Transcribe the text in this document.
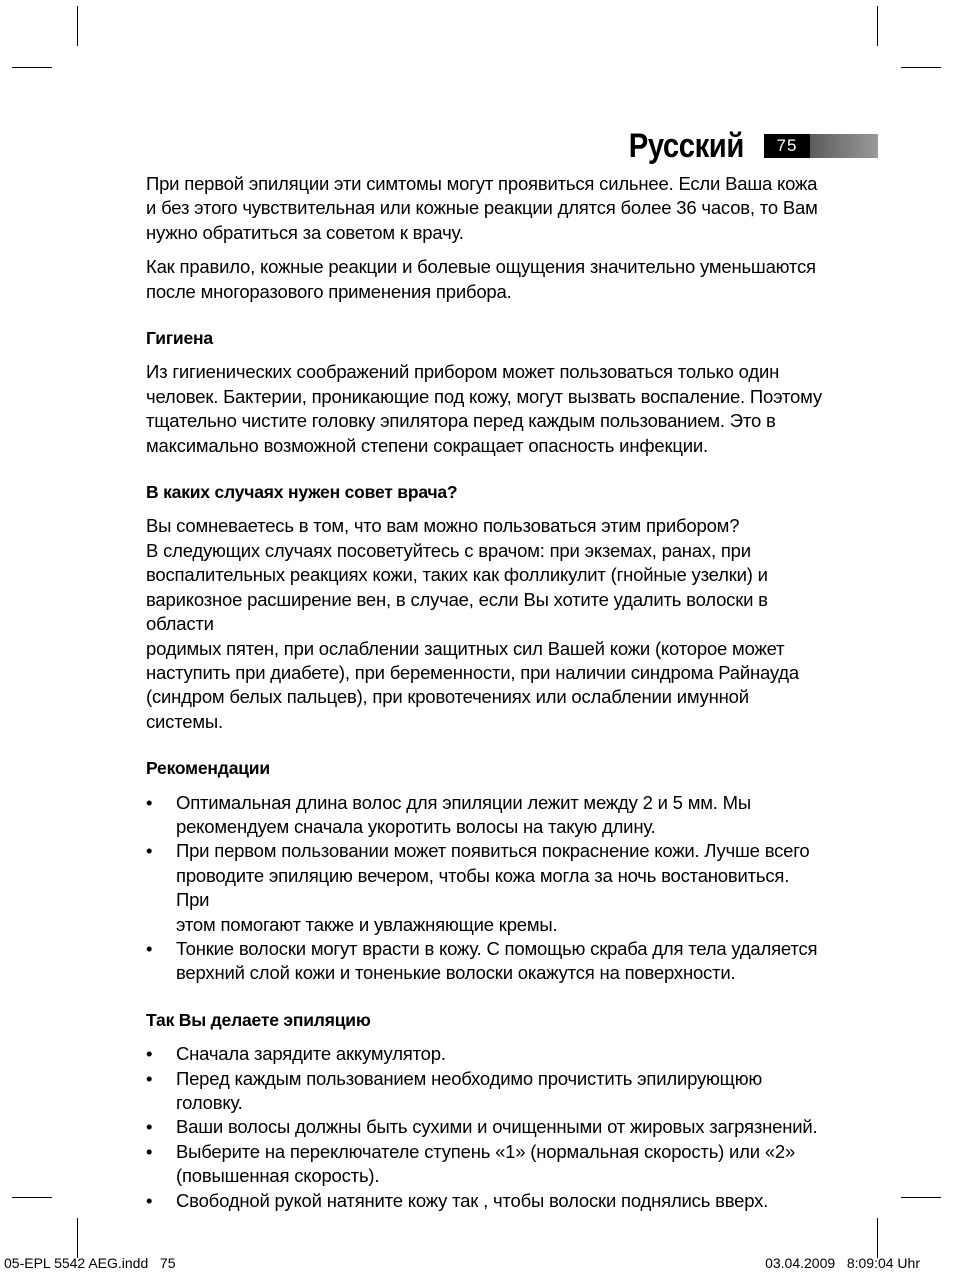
Русский	75

При первой эпиляции эти симтомы могут проявиться сильнее. Если Ваша кожа
и без этого чувствительная или кожные реакции длятся более 36 часов, то Вам
нужно обратиться за советом к врачу.

Как правило, кожные реакции и болевые ощущения значительно уменьшаются
после многоразового применения прибора.

Гигиена

Из гигиенических соображений прибором может пользоваться только один
человек. Бактерии, проникающие под кожу, могут вызвать воспаление. Поэтому
тщательно чистите головку эпилятора перед каждым пользованием. Это в
максимально возможной степени сокращает опасность инфекции.

В каких случаях нужен совет врача?

Вы сомневаетесь в том, что вам можно пользоваться этим прибором?
В следующих случаях посоветуйтесь с врачом: при экземах, ранах, при
воспалительных реакциях кожи, таких как фолликулит (гнойные узелки) и
варикозное расширение вен, в случае, если Вы хотите удалить волоски в области
родимых пятен, при ослаблении защитных сил Вашей кожи (которое может
наступить при диабете), при беременности, при наличии синдрома Райнауда
(синдром белых пальцев), при кровотечениях или ослаблении имунной системы.

Рекомендации

• Оптимальная длина волос для эпиляции лежит между 2 и 5 мм. Мы
рекомендуем сначала укоротить волосы на такую длину.
• При первом пользовании может появиться покраснение кожи. Лучше всего
проводите эпиляцию вечером, чтобы кожа могла за ночь востановиться. При
этом помогают также и увлажняющие кремы.
• Тонкие волоски могут врасти в кожу. С помощью скраба для тела удаляется
верхний слой кожи и тоненькие волоски окажутся на поверхности.

Так Вы делаете эпиляцию

• Сначала зарядите аккумулятор.
• Перед каждым пользованием необходимо прочистить эпилирующюю головку.
• Ваши волосы должны быть сухими и очищенными от жировых загрязнений.
• Выберите на переключателе ступень «1» (нормальная скорость) или «2»
(повышенная скорость).
• Свободной рукой натяните кожу так , чтобы волоски поднялись вверх.
05-EPL 5542 AEG.indd   75	03.04.2009   8:09:04 Uhr
